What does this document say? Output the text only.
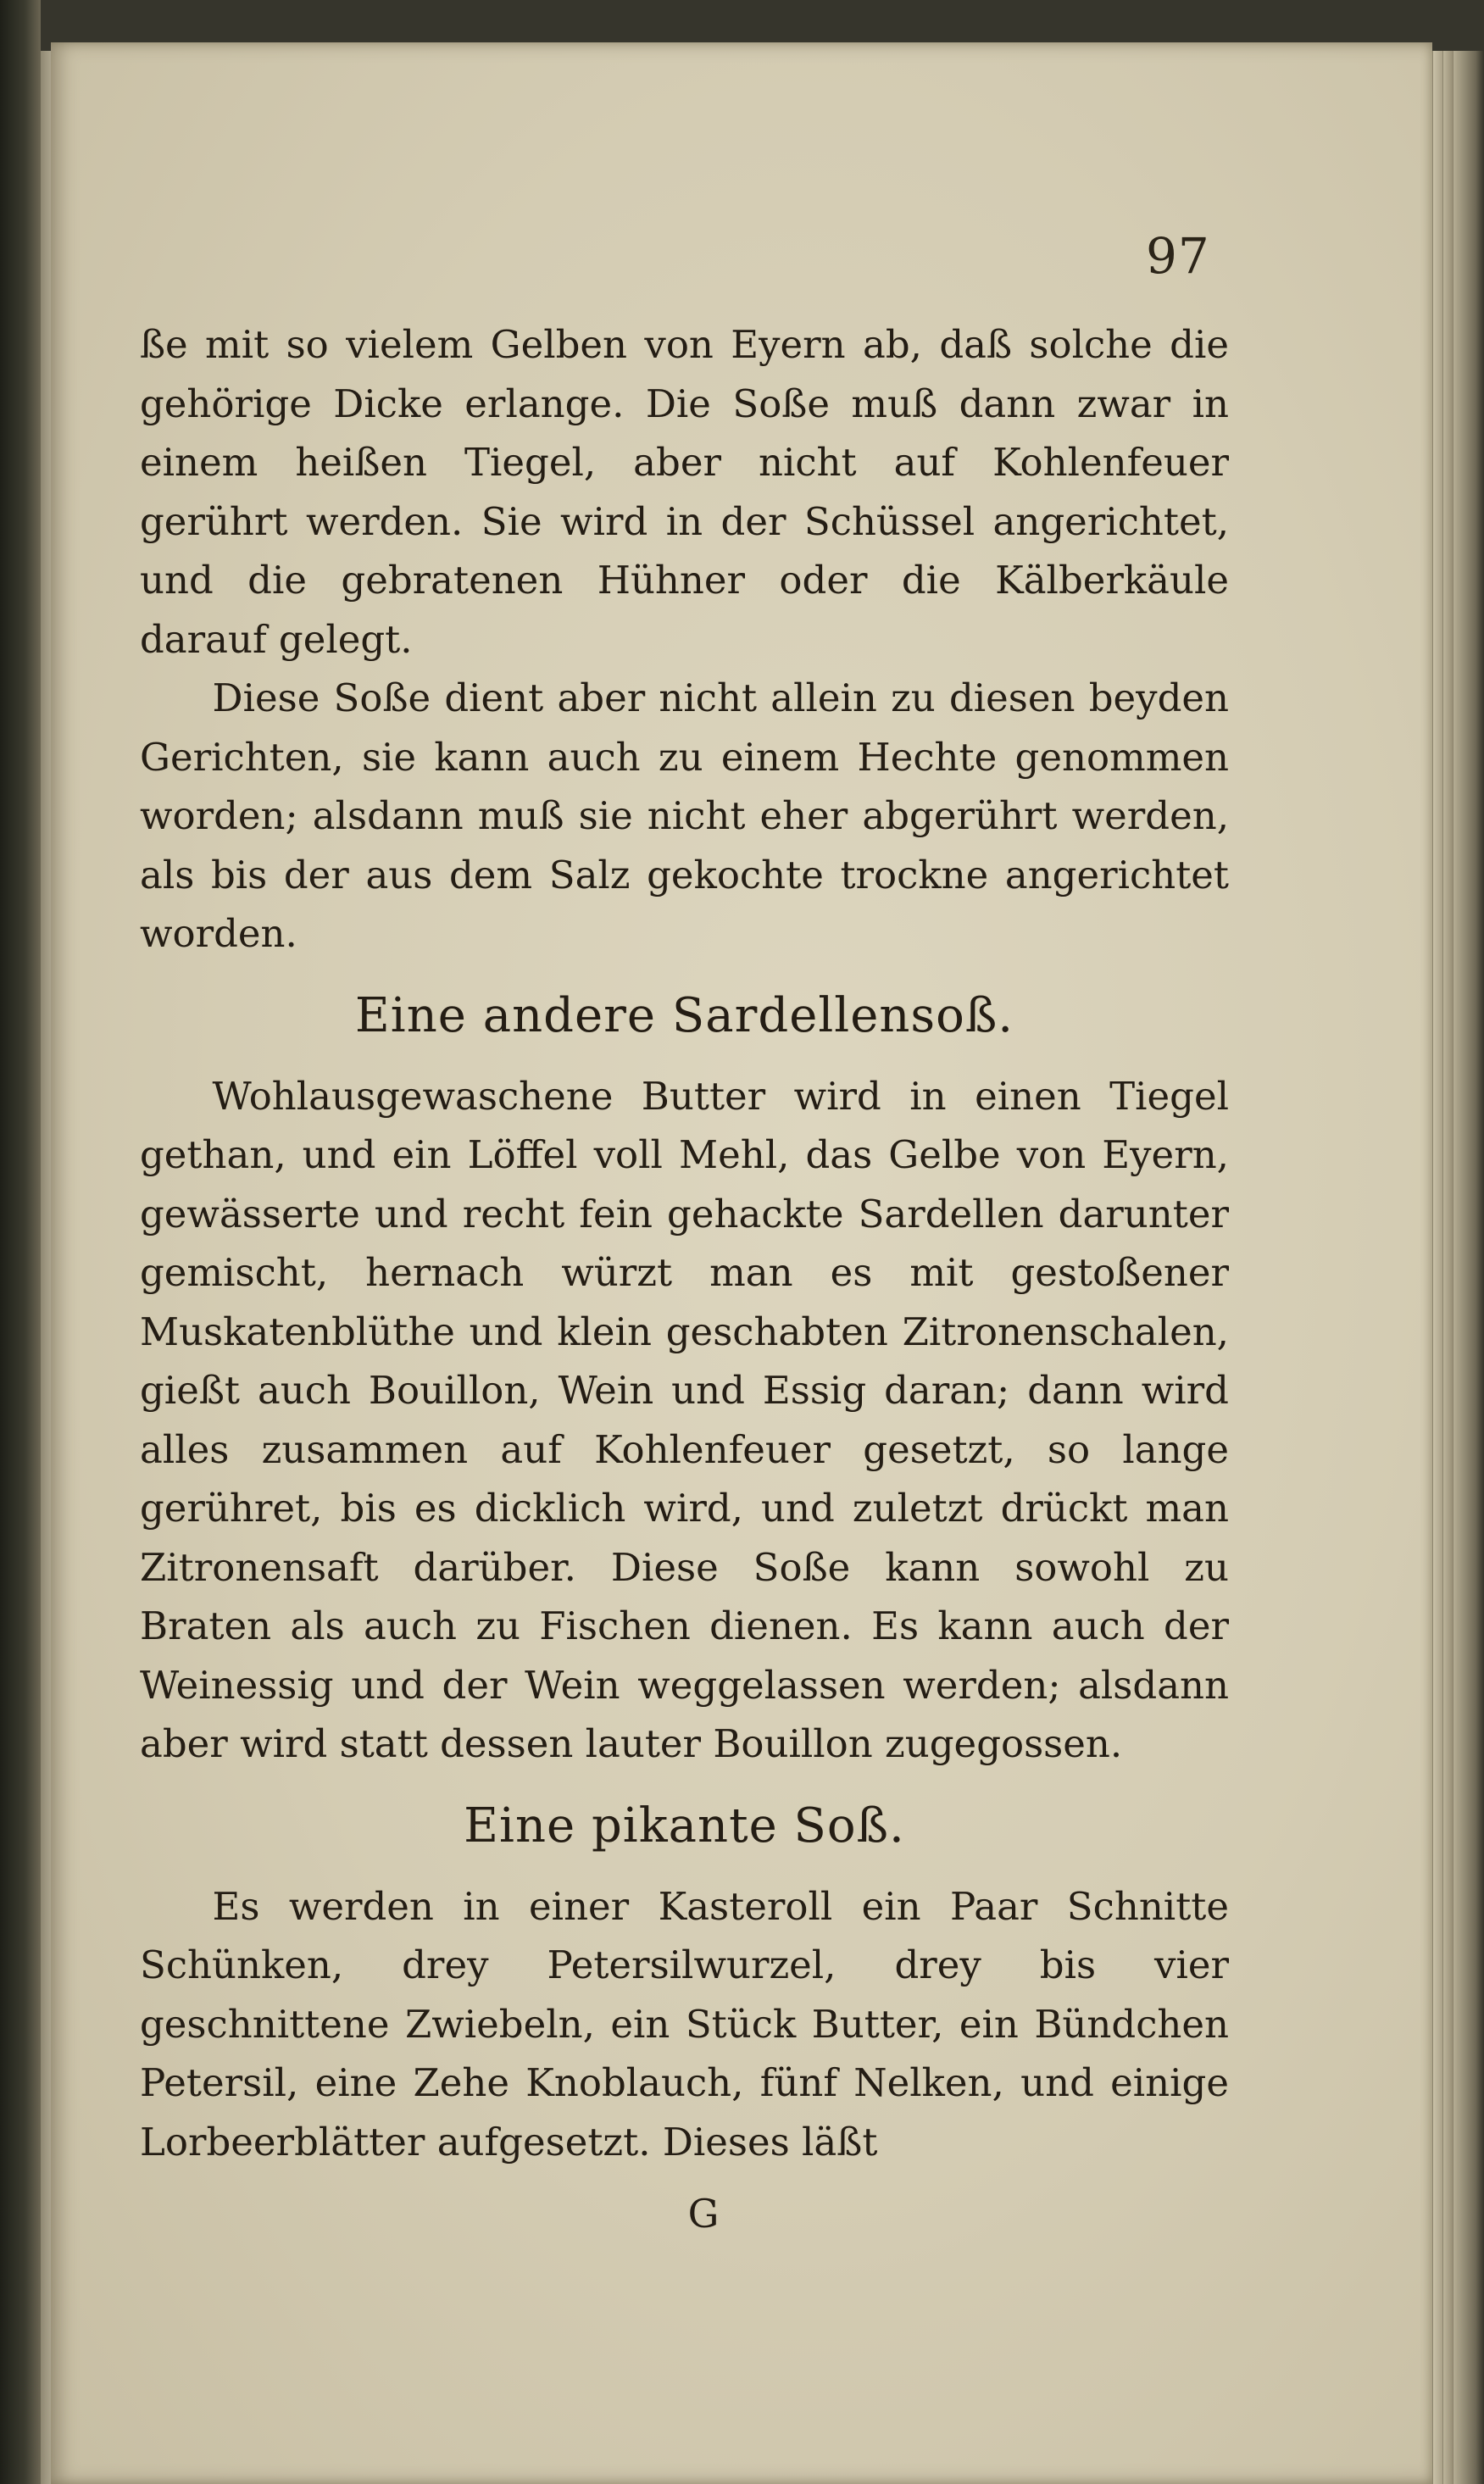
97

ße mit so vielem Gelben von Eyern ab, daß solche die gehörige Dicke erlange. Die Soße muß dann zwar in einem heißen Tiegel, aber nicht auf Kohlenfeuer gerührt werden. Sie wird in der Schüssel angerichtet, und die gebratenen Hühner oder die Kälberkäule darauf gelegt.

Diese Soße dient aber nicht allein zu diesen beyden Gerichten, sie kann auch zu einem Hechte genommen worden; alsdann muß sie nicht eher abgerührt werden, als bis der aus dem Salz gekochte trockne angerichtet worden.

Eine andere Sardellensoß.

Wohlausgewaschene Butter wird in einen Tiegel gethan, und ein Löffel voll Mehl, das Gelbe von Eyern, gewässerte und recht fein gehackte Sardellen darunter gemischt, hernach würzt man es mit gestoßener Muskatenblüthe und klein geschabten Zitronenschalen, gießt auch Bouillon, Wein und Essig daran; dann wird alles zusammen auf Kohlenfeuer gesetzt, so lange gerühret, bis es dicklich wird, und zuletzt drückt man Zitronensaft darüber. Diese Soße kann sowohl zu Braten als auch zu Fischen dienen. Es kann auch der Weinessig und der Wein weggelassen werden; alsdann aber wird statt dessen lauter Bouillon zugegossen.

Eine pikante Soß.

Es werden in einer Kasteroll ein Paar Schnitte Schünken, drey Petersilwurzel, drey bis vier geschnittene Zwiebeln, ein Stück Butter, ein Bündchen Petersil, eine Zehe Knoblauch, fünf Nelken, und einige Lorbeerblätter aufgesetzt. Dieses läßt

G
